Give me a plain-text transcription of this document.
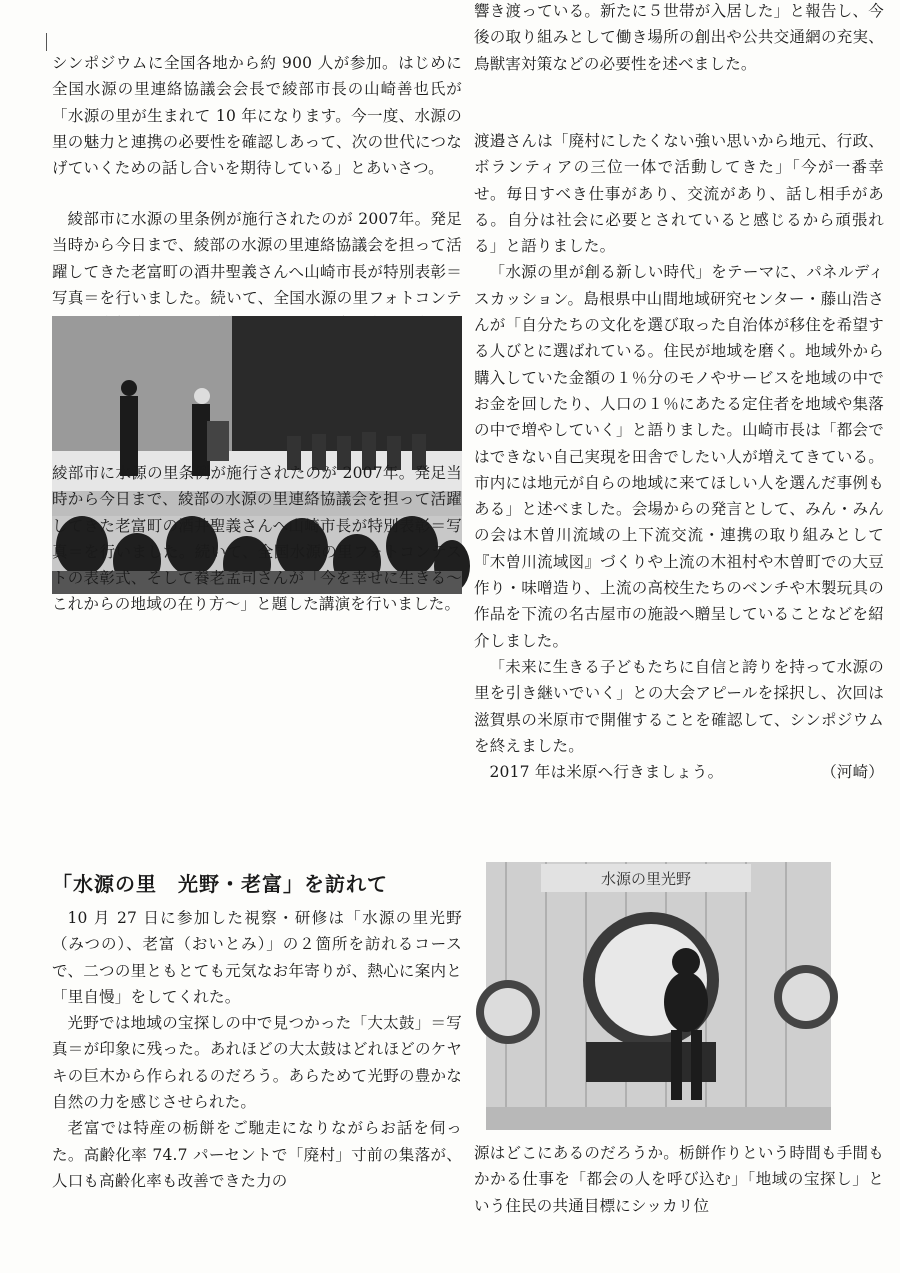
シンポジウムに全国各地から約 900 人が参加。はじめに全国水源の里連絡協議会会長で綾部市長の山崎善也氏が「水源の里が生まれて 10 年になります。今一度、水源の里の魅力と連携の必要性を確認しあって、次の世代につなげていくための話し合いを期待している」とあいさつ。

綾部市に水源の里条例が施行されたのが 2007年。発足当時から今日まで、綾部の水源の里連絡協議会を担って活躍してきた老富町の酒井聖義さんへ山崎市長が特別表彰＝写真＝を行いました。続いて、全国水源の里フォトコンテ

綾部市に水源の里条例が施行されたのが 2007年。発足当時から今日まで、綾部の水源の里連絡協議会を担って活躍してきた老富町の酒井聖義さんへ山崎市長が特別表彰＝写真＝を行いました。続いて、全国水源の里フォトコンテストの表彰式、そして養老孟司さんが「今を幸せに生きる～これからの地域の在り方～」と題した講演を行いました。

「水源の里　光野・老富」を訪れて

10 月 27 日に参加した視察・研修は「水源の里光野（みつの）、老富（おいとみ）」の２箇所を訪れるコースで、二つの里ともとても元気なお年寄りが、熱心に案内と「里自慢」をしてくれた。

光野では地域の宝探しの中で見つかった「大太鼓」＝写真＝が印象に残った。あれほどの大太鼓はどれほどのケヤキの巨木から作られるのだろう。あらためて光野の豊かな自然の力を感じさせられた。

老富では特産の栃餅をご馳走になりながらお話を伺った。高齢化率 74.7 パーセントで「廃村」寸前の集落が、人口も高齢化率も改善できた力の

響き渡っている。新たに５世帯が入居した」と報告し、今後の取り組みとして働き場所の創出や公共交通網の充実、鳥獣害対策などの必要性を述べました。

渡邉さんは「廃村にしたくない強い思いから地元、行政、ボランティアの三位一体で活動してきた」「今が一番幸せ。毎日すべき仕事があり、交流があり、話し相手がある。自分は社会に必要とされていると感じるから頑張れる」と語りました。

「水源の里が創る新しい時代」をテーマに、パネルディスカッション。島根県中山間地域研究センター・藤山浩さんが「自分たちの文化を選び取った自治体が移住を希望する人びとに選ばれている。住民が地域を磨く。地域外から購入していた金額の１％分のモノやサービスを地域の中でお金を回したり、人口の１％にあたる定住者を地域や集落の中で増やしていく」と語りました。山崎市長は「都会ではできない自己実現を田舎でしたい人が増えてきている。市内には地元が自らの地域に来てほしい人を選んだ事例もある」と述べました。会場からの発言として、みん・みんの会は木曽川流域の上下流交流・連携の取り組みとして『木曽川流域図』づくりや上流の木祖村や木曽町での大豆作り・味噌造り、上流の高校生たちのベンチや木製玩具の作品を下流の名古屋市の施設へ贈呈していることなどを紹介しました。

「未来に生きる子どもたちに自信と誇りを持って水源の里を引き継いでいく」との大会アピールを採択し、次回は滋賀県の米原市で開催することを確認して、シンポジウムを終えました。

2017 年は米原へ行きましょう。	（河崎）

水源の里光野

源はどこにあるのだろうか。栃餅作りという時間も手間もかかる仕事を「都会の人を呼び込む」「地域の宝探し」という住民の共通目標にシッカリ位
